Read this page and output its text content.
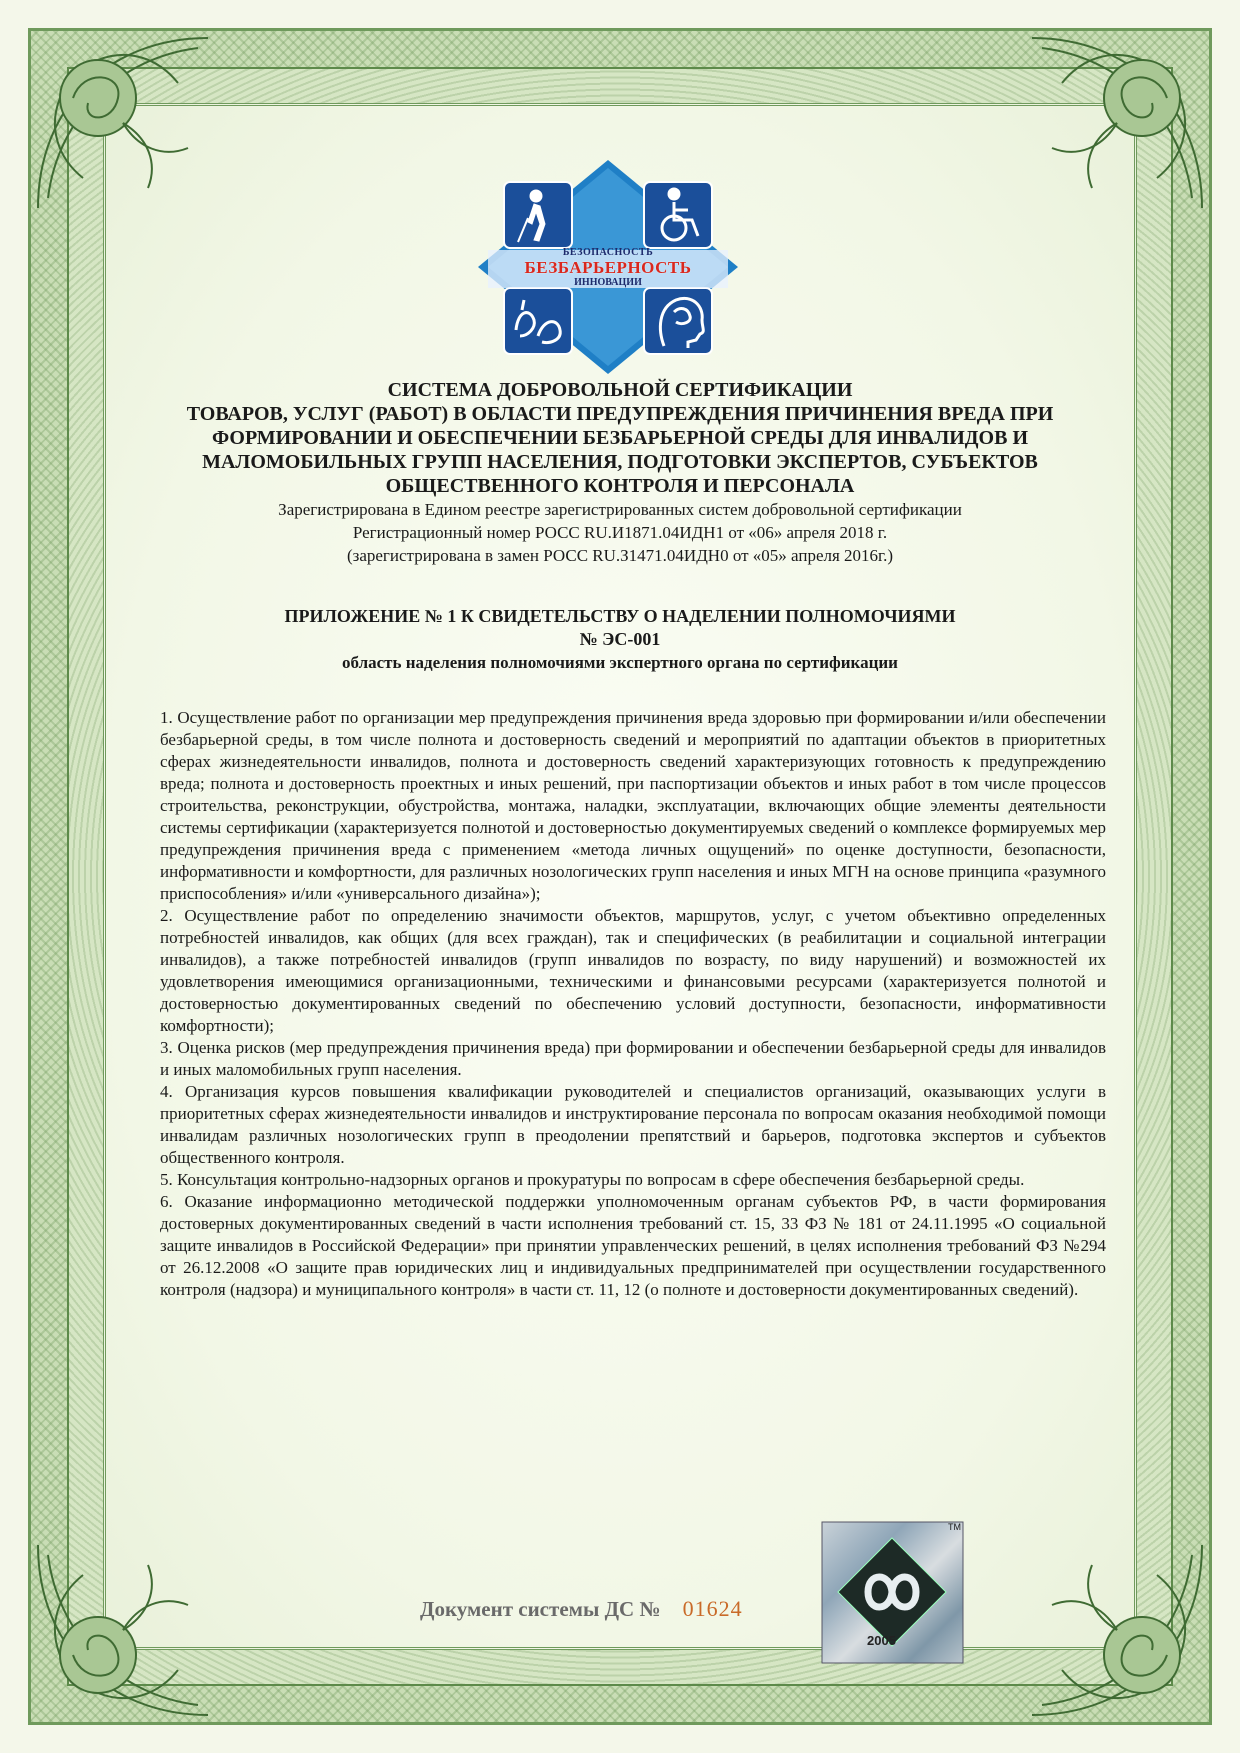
БЕЗОПАСНОСТЬ
БЕЗБАРЬЕРНОСТЬ
ИННОВАЦИИ
СИСТЕМА ДОБРОВОЛЬНОЙ СЕРТИФИКАЦИИ
ТОВАРОВ, УСЛУГ (РАБОТ) В ОБЛАСТИ ПРЕДУПРЕЖДЕНИЯ ПРИЧИНЕНИЯ ВРЕДА ПРИ
ФОРМИРОВАНИИ И ОБЕСПЕЧЕНИИ БЕЗБАРЬЕРНОЙ СРЕДЫ ДЛЯ ИНВАЛИДОВ И
МАЛОМОБИЛЬНЫХ ГРУПП НАСЕЛЕНИЯ, ПОДГОТОВКИ ЭКСПЕРТОВ, СУБЪЕКТОВ
ОБЩЕСТВЕННОГО КОНТРОЛЯ И ПЕРСОНАЛА
Зарегистрирована в Едином реестре зарегистрированных систем добровольной сертификации
Регистрационный номер РОСС RU.И1871.04ИДН1 от «06» апреля 2018 г.
(зарегистрирована в замен РОСС RU.З1471.04ИДН0 от «05» апреля 2016г.)
ПРИЛОЖЕНИЕ № 1 К СВИДЕТЕЛЬСТВУ О НАДЕЛЕНИИ ПОЛНОМОЧИЯМИ
№ ЭС-001
область наделения полномочиями экспертного органа по сертификации

1. Осуществление работ по организации мер предупреждения причинения вреда здоровью при формировании и/или обеспечении безбарьерной среды, в том числе полнота и достоверность сведений и мероприятий по адаптации объектов в приоритетных сферах жизнедеятельности инвалидов, полнота и достоверность сведений характеризующих готовность к предупреждению вреда; полнота и достоверность проектных и иных решений, при паспортизации объектов и иных работ в том числе процессов строительства, реконструкции, обустройства, монтажа, наладки, эксплуатации, включающих общие элементы деятельности системы сертификации (характеризуется полнотой и достоверностью документируемых сведений о комплексе формируемых мер предупреждения причинения вреда с применением «метода личных ощущений» по оценке доступности, безопасности, информативности и комфортности, для различных нозологических групп населения и иных МГН на основе принципа «разумного приспособления» и/или «универсального дизайна»);

2. Осуществление работ по определению значимости объектов, маршрутов, услуг, с учетом объективно определенных потребностей инвалидов, как общих (для всех граждан), так и специфических (в реабилитации и социальной интеграции инвалидов), а также потребностей инвалидов (групп инвалидов по возрасту, по виду нарушений) и возможностей их удовлетворения имеющимися организационными, техническими и финансовыми ресурсами (характеризуется полнотой и достоверностью документированных сведений по обеспечению условий доступности, безопасности, информативности комфортности);

3. Оценка рисков (мер предупреждения причинения вреда) при формировании и обеспечении безбарьерной среды для инвалидов и иных маломобильных групп населения.

4. Организация курсов повышения квалификации руководителей и специалистов организаций, оказывающих услуги в приоритетных сферах жизнедеятельности инвалидов и инструктирование персонала по вопросам оказания необходимой помощи инвалидам различных нозологических групп в преодолении препятствий и барьеров, подготовка экспертов и субъектов общественного контроля.

5. Консультация контрольно-надзорных органов и прокуратуры по вопросам в сфере обеспечения безбарьерной среды.

6. Оказание информационно методической поддержки уполномоченным органам субъектов РФ, в части формирования достоверных документированных сведений в части исполнения требований ст. 15, 33 ФЗ № 181 от 24.11.1995 «О социальной защите инвалидов в Российской Федерации» при принятии управленческих решений, в целях исполнения требований ФЗ №294 от 26.12.2008 «О защите прав юридических лиц и индивидуальных предпринимателей при осуществлении государственного контроля (надзора) и муниципального контроля» в части ст. 11, 12 (о полноте и достоверности документированных сведений).

Документ системы ДС № 01624
TM
2005
